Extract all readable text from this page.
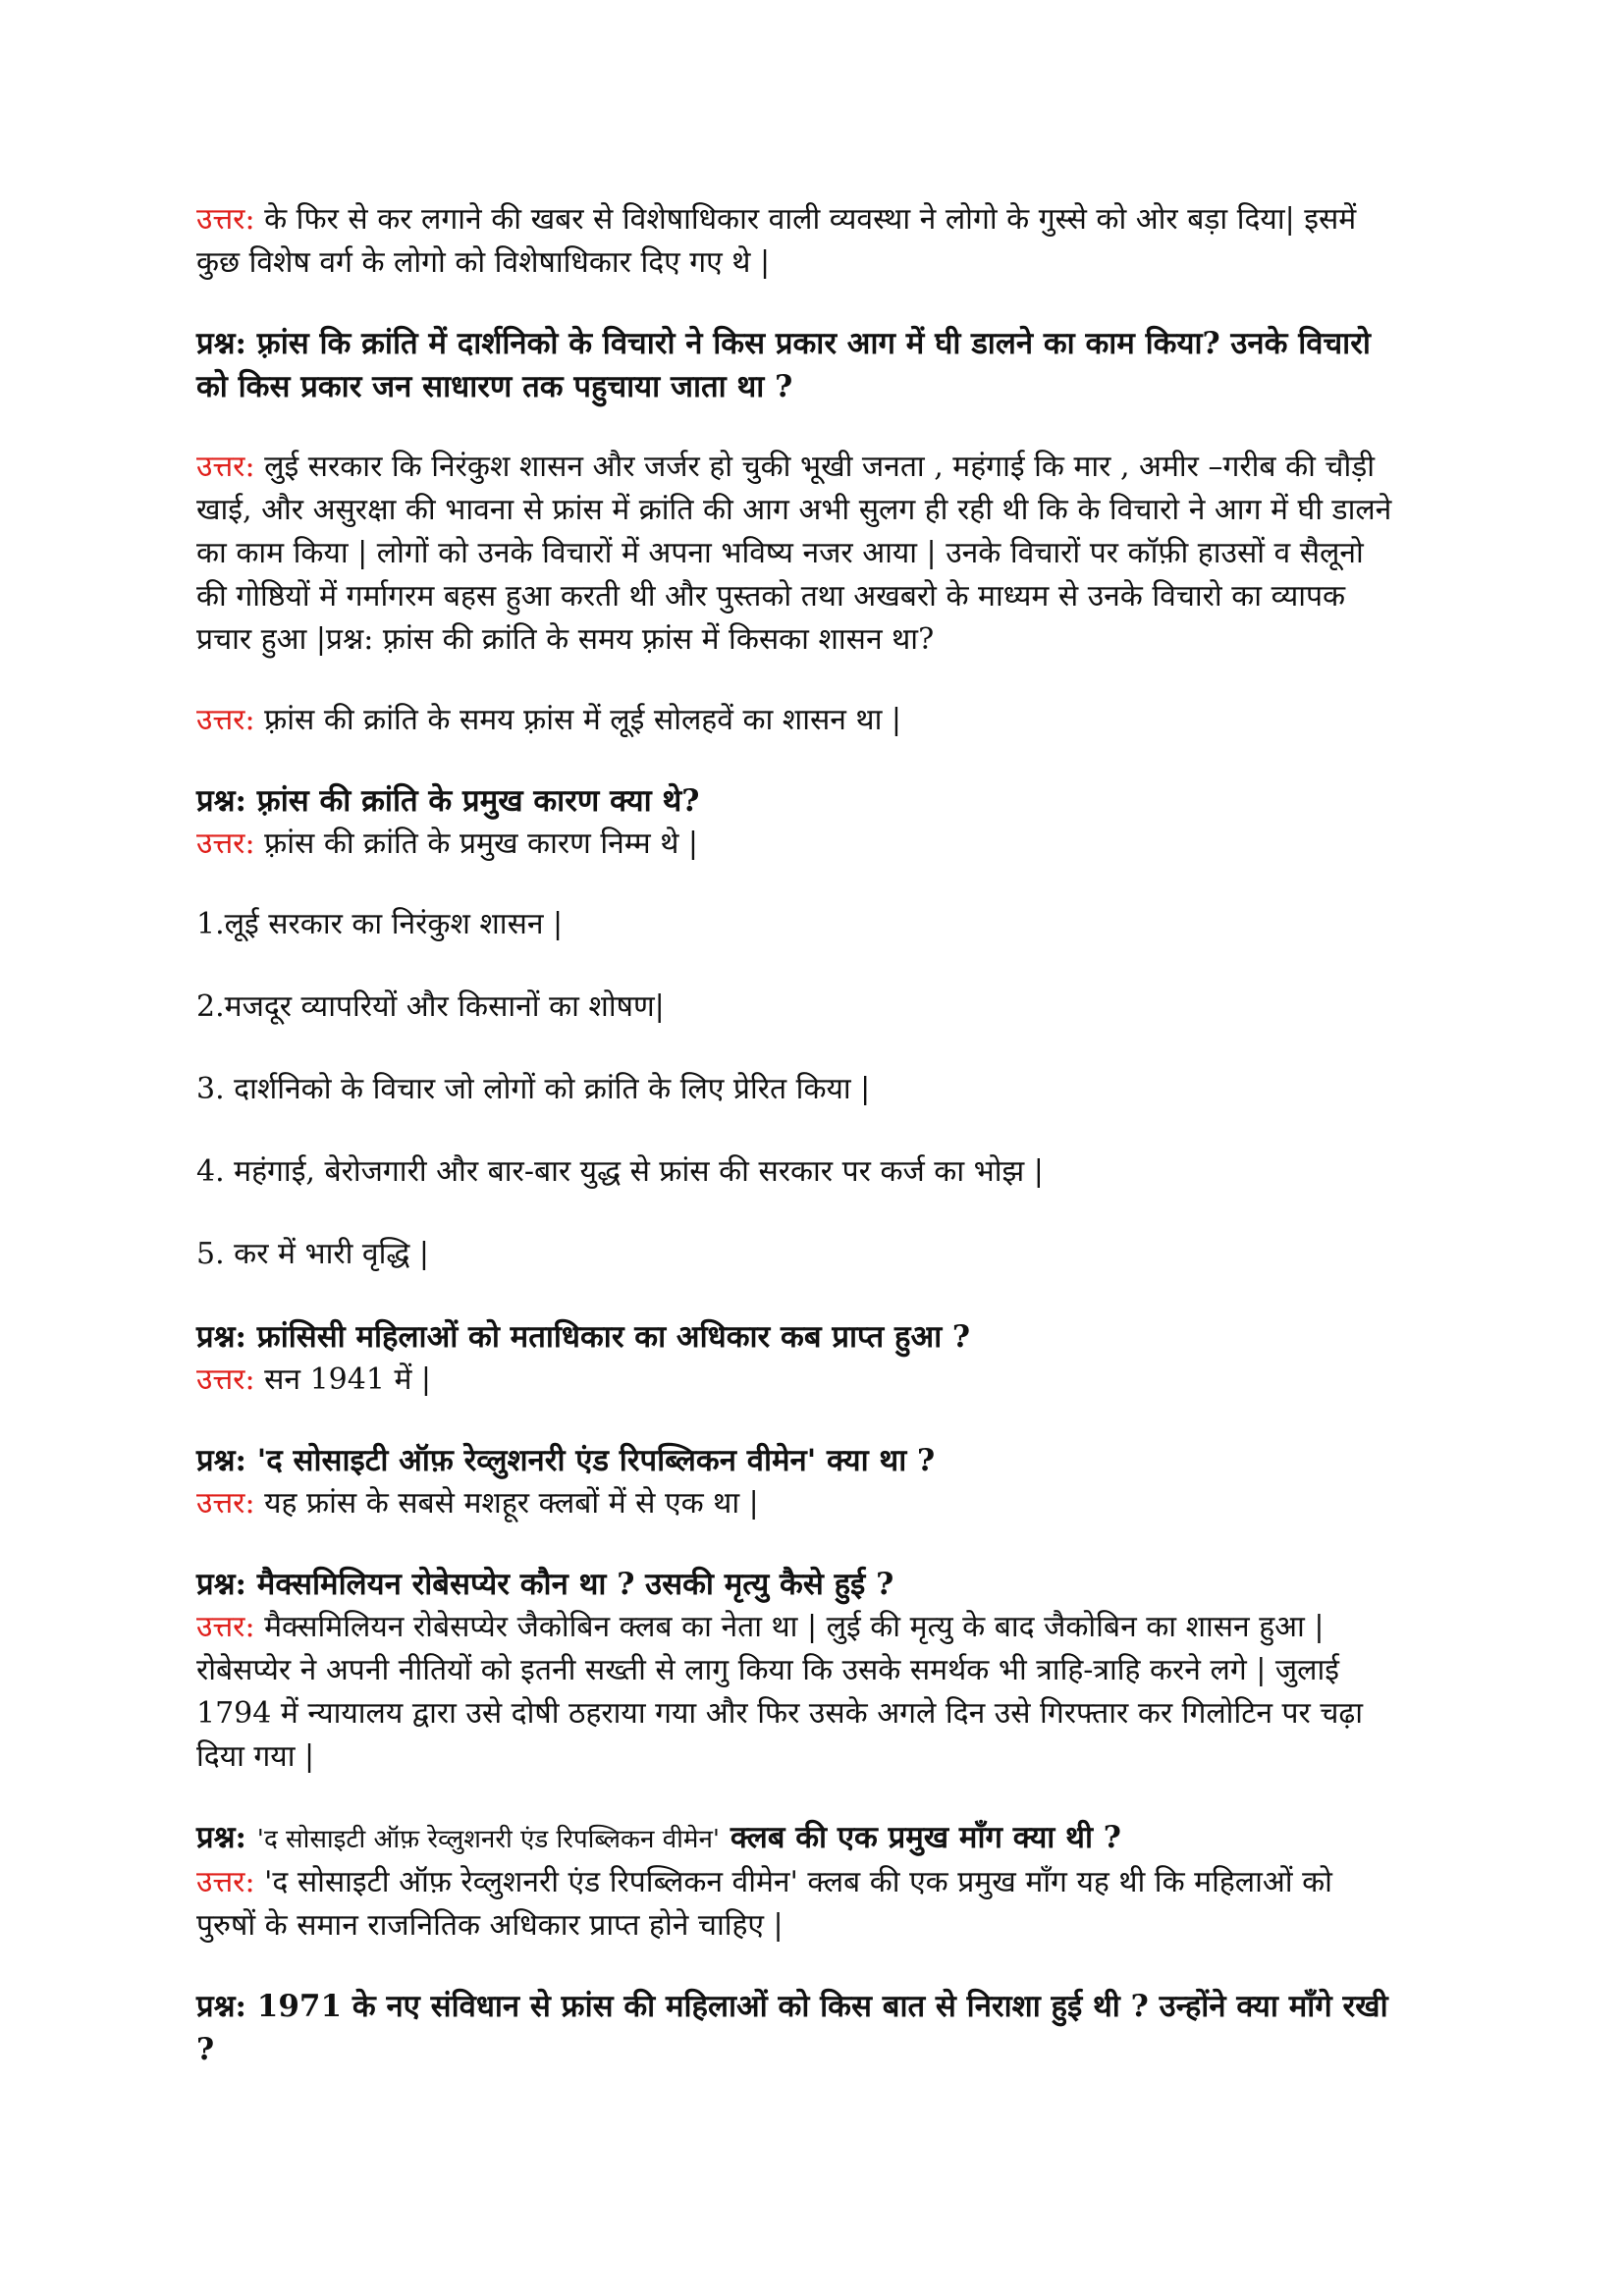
उत्तर: के फिर से कर लगाने की खबर से विशेषाधिकार वाली व्यवस्था ने लोगो के गुस्से को ओर बड़ा दिया| इसमें कुछ विशेष वर्ग के लोगो को विशेषाधिकार दिए गए थे |

प्रश्न: फ़्रांस कि क्रांति में दार्शनिको के विचारो ने किस प्रकार आग में घी डालने का काम किया? उनके विचारो को किस प्रकार जन साधारण तक पहुचाया जाता था ?

उत्तर: लुई सरकार कि निरंकुश शासन और जर्जर हो चुकी भूखी जनता , महंगाई कि मार , अमीर –गरीब की चौड़ी खाई, और असुरक्षा की भावना से फ्रांस में क्रांति की आग अभी सुलग ही रही थी कि के विचारो ने आग में घी डालने का काम किया | लोगों को उनके विचारों में अपना भविष्य नजर आया | उनके विचारों पर कॉफ़ी हाउसों व सैलूनो की गोष्ठियों में गर्मागरम बहस हुआ करती थी और पुस्तको तथा अखबरो के माध्यम से उनके विचारो का व्यापक प्रचार हुआ |प्रश्न: फ़्रांस की क्रांति के समय फ़्रांस में किसका शासन था?

उत्तर: फ़्रांस की क्रांति के समय फ़्रांस में लूई सोलहवें का शासन था |

प्रश्न: फ़्रांस की क्रांति के प्रमुख कारण क्या थे?

उत्तर: फ़्रांस की क्रांति के प्रमुख कारण निम्म थे |

1.लूई सरकार का निरंकुश शासन |

2.मजदूर व्यापरियों और किसानों का शोषण|

3. दार्शनिको के विचार जो लोगों को क्रांति के लिए प्रेरित किया |

4. महंगाई, बेरोजगारी और बार-बार युद्ध से फ्रांस की सरकार पर कर्ज का भोझ |

5. कर में भारी वृद्धि |

प्रश्न: फ्रांसिसी महिलाओं को मताधिकार का अधिकार कब प्राप्त हुआ ?

उत्तर: सन 1941 में |

प्रश्न: 'द सोसाइटी ऑफ़ रेव्लुशनरी एंड रिपब्लिकन वीमेन' क्या था ?

उत्तर: यह फ्रांस के सबसे मशहूर क्लबों में से एक था |

प्रश्न: मैक्समिलियन रोबेसप्येर कौन था ? उसकी मृत्यु कैसे हुई ?

उत्तर: मैक्समिलियन रोबेसप्येर जैकोबिन क्लब का नेता था | लुई की मृत्यु के बाद जैकोबिन का शासन हुआ | रोबेसप्येर ने अपनी नीतियों को इतनी सख्ती से लागु किया कि उसके समर्थक भी त्राहि-त्राहि करने लगे | जुलाई 1794 में न्यायालय द्वारा उसे दोषी ठहराया गया और फिर उसके अगले दिन उसे गिरफ्तार कर गिलोटिन पर चढ़ा दिया गया |

प्रश्न: 'द सोसाइटी ऑफ़ रेव्लुशनरी एंड रिपब्लिकन वीमेन' क्लब की एक प्रमुख माँग क्या थी ?

उत्तर: 'द सोसाइटी ऑफ़ रेव्लुशनरी एंड रिपब्लिकन वीमेन' क्लब की एक प्रमुख माँग यह थी कि महिलाओं को पुरुषों के समान राजनितिक अधिकार प्राप्त होने चाहिए |

प्रश्न: 1971 के नए संविधान से फ्रांस की महिलाओं को किस बात से निराशा हुई थी ? उन्होंने क्या माँगे रखी ?
